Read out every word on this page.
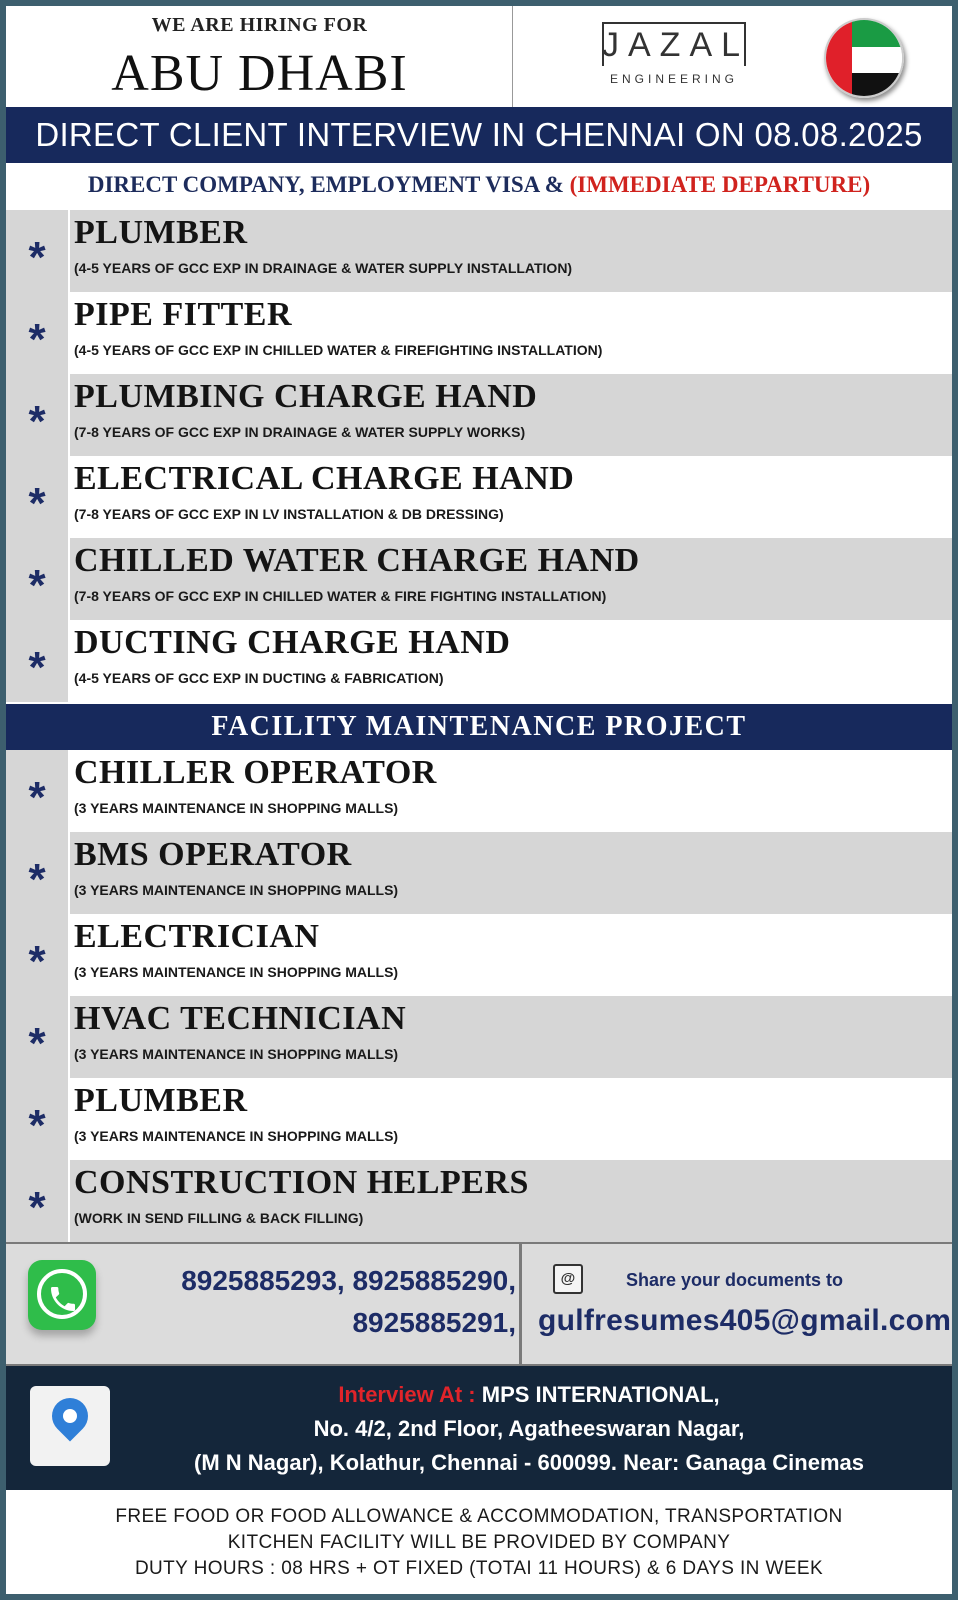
WE ARE HIRING FOR
ABU DHABI	JAZAL
ENGINEERING
DIRECT CLIENT INTERVIEW IN CHENNAI ON 08.08.2025
DIRECT COMPANY, EMPLOYMENT VISA & (IMMEDIATE DEPARTURE)
*
PLUMBER
(4-5 YEARS OF GCC EXP IN DRAINAGE & WATER SUPPLY INSTALLATION)
*
PIPE FITTER
(4-5 YEARS OF GCC EXP IN CHILLED WATER & FIREFIGHTING INSTALLATION)
*
PLUMBING CHARGE HAND
(7-8 YEARS OF GCC EXP IN DRAINAGE & WATER SUPPLY WORKS)
*
ELECTRICAL CHARGE HAND
(7-8 YEARS OF GCC EXP IN LV INSTALLATION & DB DRESSING)
*
CHILLED WATER CHARGE HAND
(7-8 YEARS OF GCC EXP IN CHILLED WATER & FIRE FIGHTING INSTALLATION)
*
DUCTING CHARGE HAND
(4-5 YEARS OF GCC EXP IN DUCTING & FABRICATION)
FACILITY MAINTENANCE PROJECT
*
CHILLER OPERATOR
(3 YEARS MAINTENANCE IN SHOPPING MALLS)
*
BMS OPERATOR
(3 YEARS MAINTENANCE IN SHOPPING MALLS)
*
ELECTRICIAN
(3 YEARS MAINTENANCE IN SHOPPING MALLS)
*
HVAC TECHNICIAN
(3 YEARS MAINTENANCE IN SHOPPING MALLS)
*
PLUMBER
(3 YEARS MAINTENANCE IN SHOPPING MALLS)
*
CONSTRUCTION HELPERS
(WORK IN SEND FILLING & BACK FILLING)
8925885293, 8925885290,
8925885291,
@	Share your documents to
gulfresumes405@gmail.com
Interview At : MPS INTERNATIONAL,
No. 4/2, 2nd Floor, Agatheeswaran Nagar,
(M N Nagar), Kolathur, Chennai - 600099. Near: Ganaga Cinemas
FREE FOOD OR FOOD ALLOWANCE & ACCOMMODATION, TRANSPORTATION
KITCHEN FACILITY WILL BE PROVIDED BY COMPANY
DUTY HOURS : 08 HRS + OT FIXED (TOTAI 11 HOURS) & 6 DAYS IN WEEK
